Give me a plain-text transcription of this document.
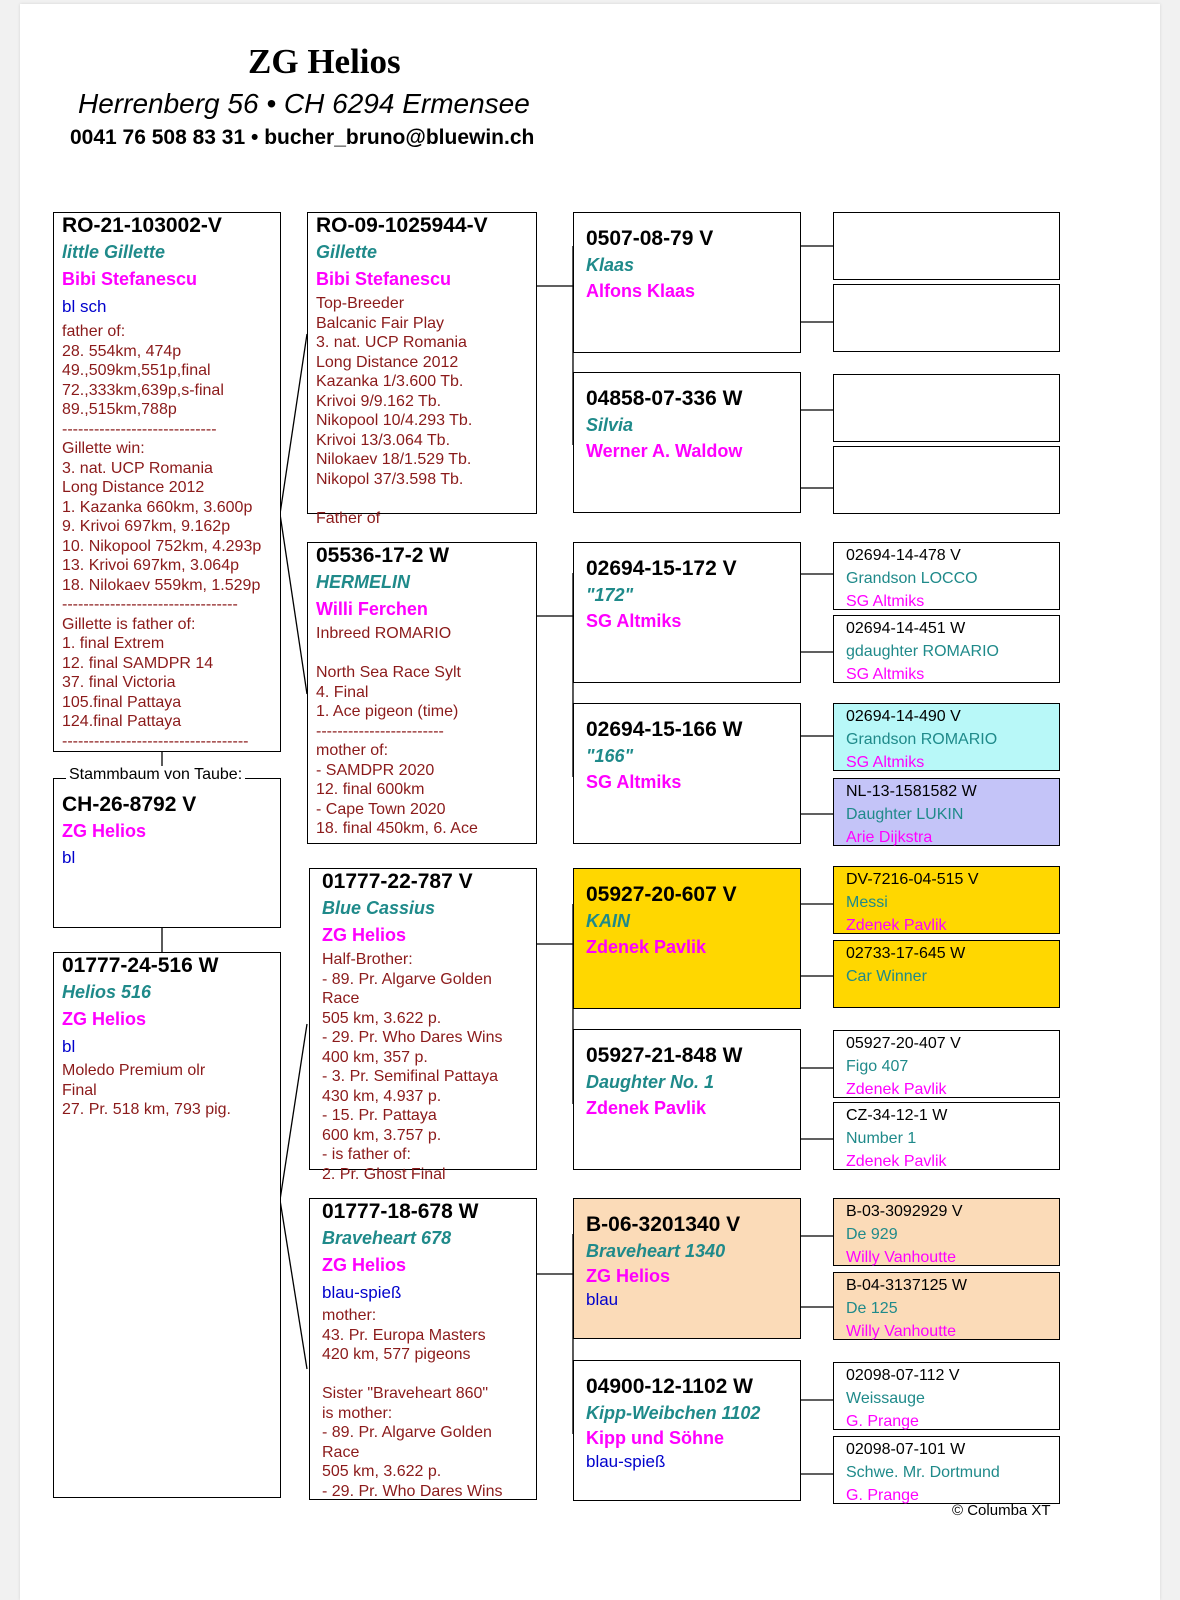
ZG Helios
Herrenberg 56 • CH 6294 Ermensee
0041 76 508 83 31 • bucher_bruno@bluewin.ch
RO-21-103002-V
little Gillette
Bibi Stefanescu
bl sch
father of:
28. 554km, 474p
49.,509km,551p,final
72.,333km,639p,s-final
89.,515km,788p
-----------------------------
Gillette win:
3. nat. UCP Romania
Long Distance 2012
1. Kazanka 660km, 3.600p
9. Krivoi 697km, 9.162p
10. Nikopool 752km, 4.293p
13. Krivoi 697km, 3.064p
18. Nilokaev 559km, 1.529p
---------------------------------
Gillette is father of:
1. final Extrem
12. final SAMDPR 14
37. final Victoria
105.final Pattaya
124.final Pattaya
-----------------------------------
CH-26-8792 V
ZG Helios
bl
Stammbaum von Taube:
01777-24-516 W
Helios 516
ZG Helios
bl
Moledo Premium olr
Final
27. Pr. 518 km, 793 pig.
RO-09-1025944-V
Gillette
Bibi Stefanescu
Top-Breeder
Balcanic Fair Play
3. nat. UCP Romania
Long Distance 2012
Kazanka 1/3.600 Tb.
Krivoi 9/9.162 Tb.
Nikopool 10/4.293 Tb.
Krivoi 13/3.064 Tb.
Nilokaev 18/1.529 Tb.
Nikopol 37/3.598 Tb.

Father of
05536-17-2 W
HERMELIN
Willi Ferchen
Inbreed ROMARIO

North Sea Race Sylt
4. Final
1. Ace pigeon (time)
------------------------
mother of:
- SAMDPR 2020
12. final 600km
- Cape Town 2020
18. final 450km, 6. Ace
01777-22-787 V
Blue Cassius
ZG Helios
Half-Brother:
- 89. Pr. Algarve Golden
Race
505 km, 3.622 p.
- 29. Pr. Who Dares Wins
400 km, 357 p.
- 3. Pr. Semifinal Pattaya
430 km, 4.937 p.
- 15. Pr. Pattaya
600 km, 3.757 p.
- is father of:
2. Pr. Ghost Final
01777-18-678 W
Braveheart 678
ZG Helios
blau-spieß
mother:
43. Pr. Europa Masters
420 km, 577 pigeons

Sister "Braveheart 860"
is mother:
- 89. Pr. Algarve Golden
Race
505 km, 3.622 p.
- 29. Pr. Who Dares Wins
0507-08-79 V
Klaas
Alfons Klaas
04858-07-336 W
Silvia
Werner A. Waldow
02694-15-172 V
"172"
SG Altmiks
02694-15-166 W
"166"
SG Altmiks
05927-20-607 V
KAIN
Zdenek Pavlik
05927-21-848 W
Daughter No. 1
Zdenek Pavlik
B-06-3201340 V
Braveheart 1340
ZG Helios
blau
04900-12-1102 W
Kipp-Weibchen 1102
Kipp und Söhne
blau-spieß
02694-14-478 V
Grandson LOCCO
SG Altmiks
02694-14-451 W
gdaughter ROMARIO
SG Altmiks
02694-14-490 V
Grandson ROMARIO
SG Altmiks
NL-13-1581582 W
Daughter LUKIN
Arie Dijkstra
DV-7216-04-515 V
Messi
Zdenek Pavlik
02733-17-645 W
Car Winner
05927-20-407 V
Figo 407
Zdenek Pavlik
CZ-34-12-1 W
Number 1
Zdenek Pavlik
B-03-3092929 V
De 929
Willy Vanhoutte
B-04-3137125 W
De 125
Willy Vanhoutte
02098-07-112 V
Weissauge
G. Prange
02098-07-101 W
Schwe. Mr. Dortmund
G. Prange
© Columba XT
